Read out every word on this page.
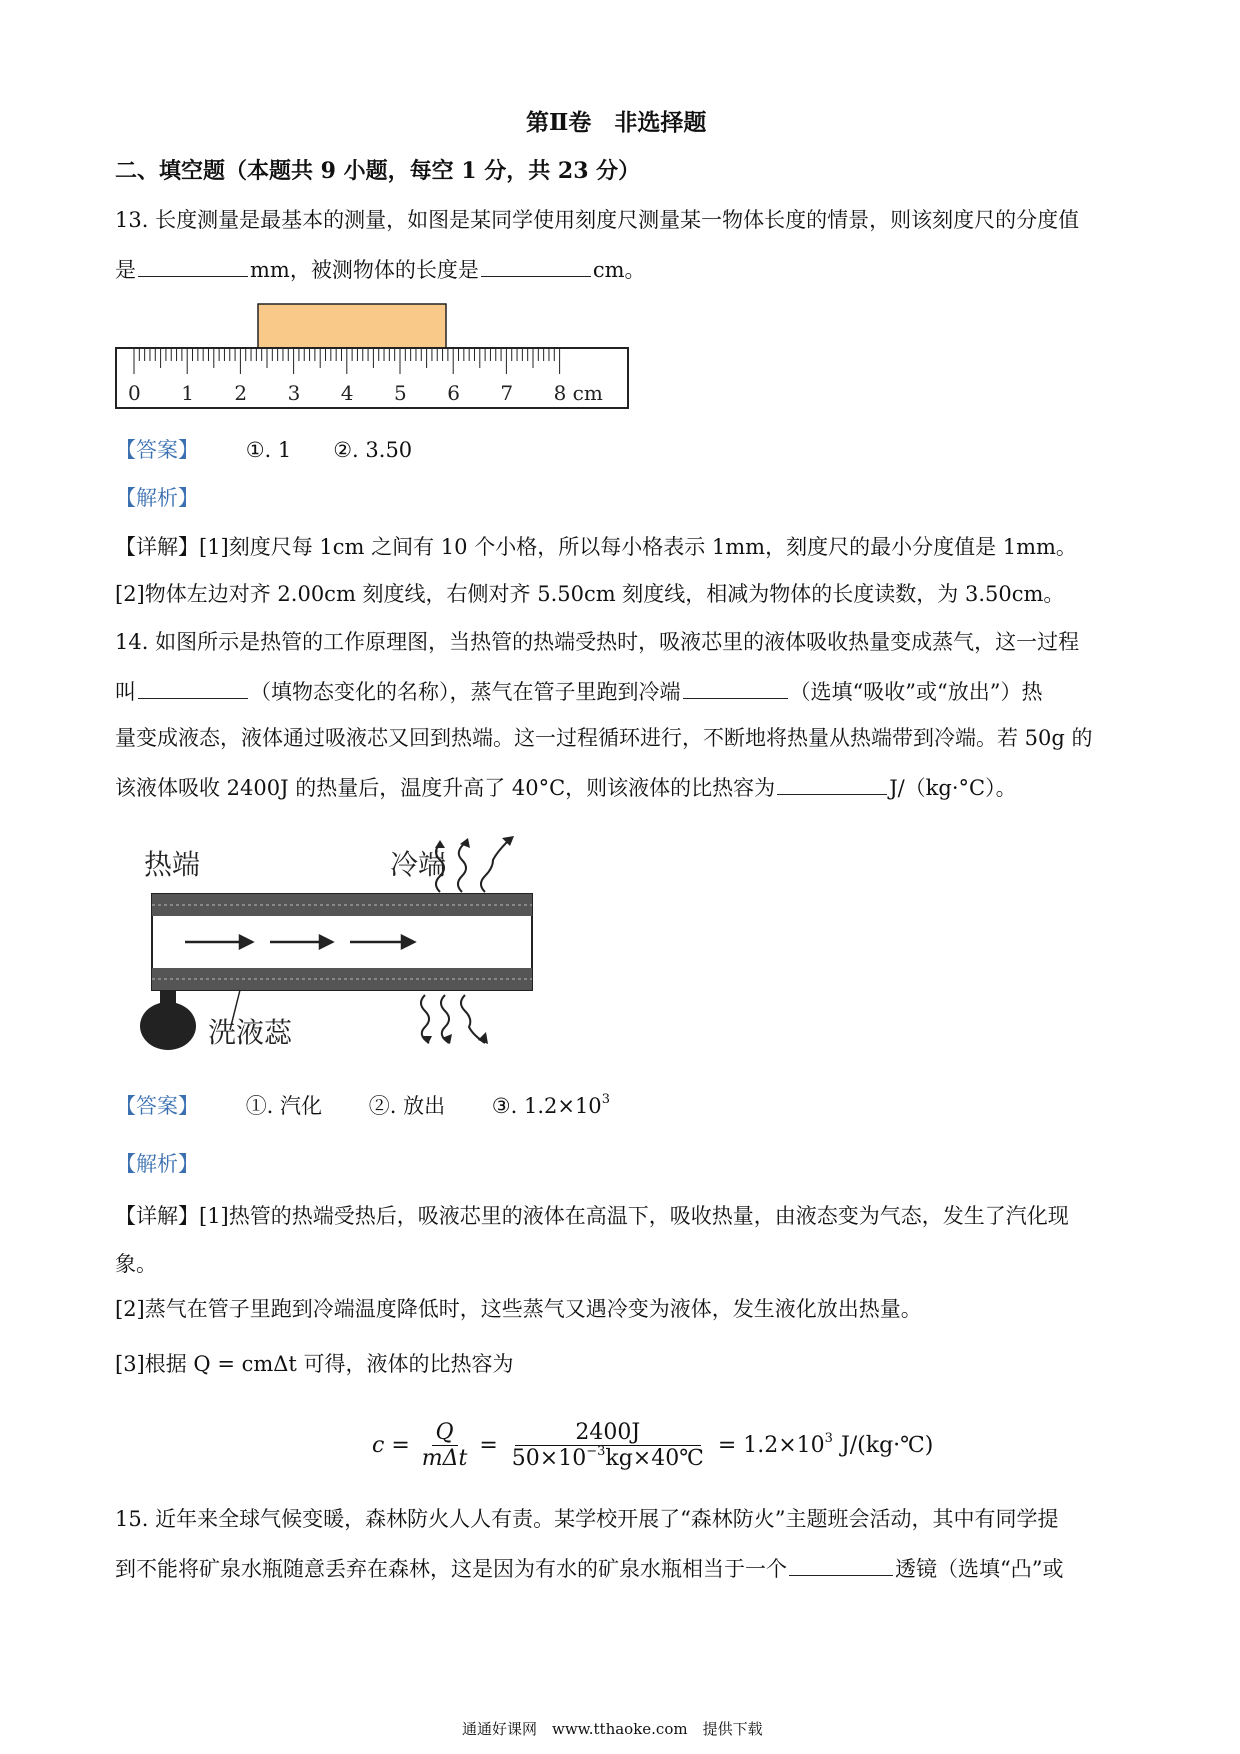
第Ⅱ卷　非选择题
二、填空题（本题共 9 小题，每空 1 分，共 23 分）
13. 长度测量是最基本的测量，如图是某同学使用刻度尺测量某一物体长度的情景，则该刻度尺的分度值
是	mm，被测物体的长度是	cm。
0 1 2 3 4 5 6 7 8 cm
【答案】 ①. 1　　②. 3.50
【解析】
【详解】[1]刻度尺每 1cm 之间有 10 个小格，所以每小格表示 1mm，刻度尺的最小分度值是 1mm。
[2]物体左边对齐 2.00cm 刻度线，右侧对齐 5.50cm 刻度线，相减为物体的长度读数，为 3.50cm。
14. 如图所示是热管的工作原理图，当热管的热端受热时，吸液芯里的液体吸收热量变成蒸气，这一过程
叫	（填物态变化的名称），蒸气在管子里跑到冷端	（选填“吸收”或“放出”）热
量变成液态，液体通过吸液芯又回到热端。这一过程循环进行，不断地将热量从热端带到冷端。若 50g 的
该液体吸收 2400J 的热量后，温度升高了 40°C，则该液体的比热容为	J/（kg·°C）。
热端	冷端
洗液蕊
【答案】 ①. 汽化 ②. 放出 ③. $1.2\times 10^3$
【解析】
【详解】[1]热管的热端受热后，吸液芯里的液体在高温下，吸收热量，由液态变为气态，发生了汽化现
象。
[2]蒸气在管子里跑到冷端温度降低时，这些蒸气又遇冷变为液体，发生液化放出热量。
[3]根据 Q = cmΔt 可得，液体的比热容为
c =
Q
mΔt
= $\frac{2400J}{50\times 10^{-3}kg\times 40℃} = 1.2\times 10^3$ J/(kg·℃)
15. 近年来全球气候变暖，森林防火人人有责。某学校开展了“森林防火”主题班会活动，其中有同学提
到不能将矿泉水瓶随意丢弃在森林，这是因为有水的矿泉水瓶相当于一个	透镜（选填“凸”或
通通好课网　www.tthaoke.com　提供下载
